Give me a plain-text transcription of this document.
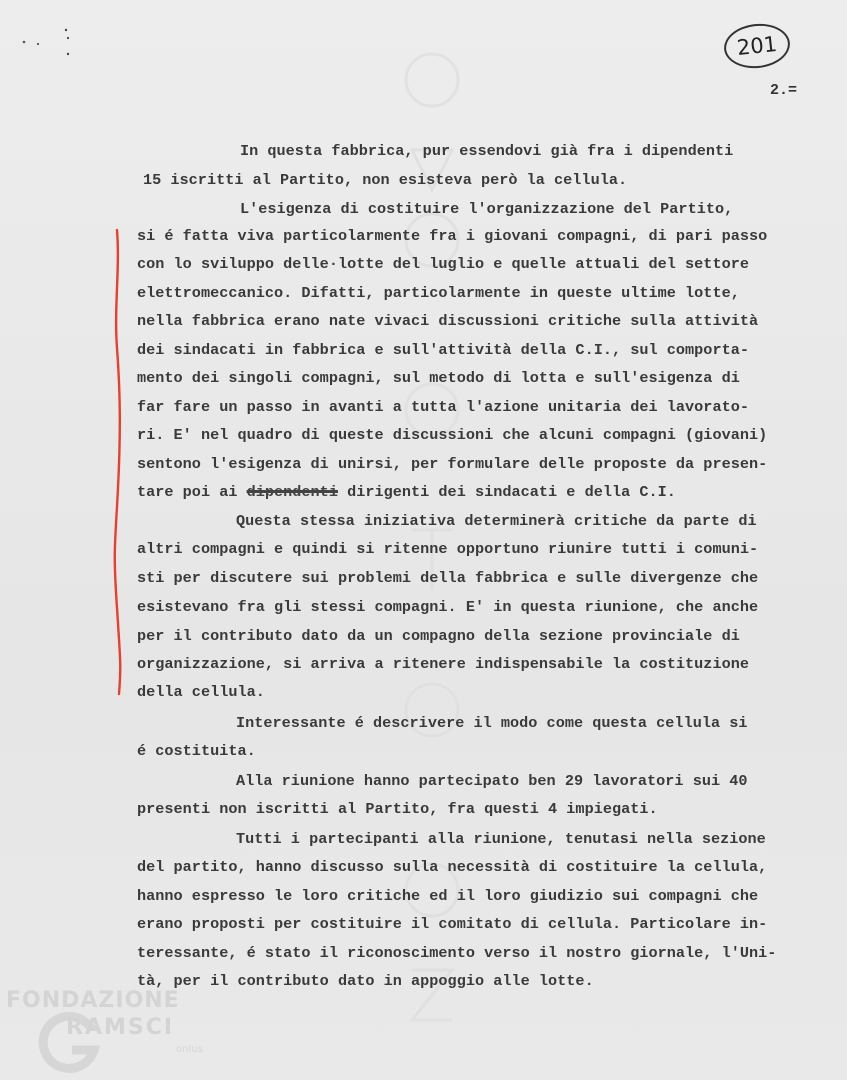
201
2.=
In questa fabbrica, pur essendovi già fra i dipendenti
15 iscritti al Partito, non esisteva però la cellula.
L'esigenza di costituire l'organizzazione del Partito,
si é fatta viva particolarmente fra i giovani compagni, di pari passo
con lo sviluppo delle·lotte del luglio e quelle attuali del settore
elettromeccanico. Difatti, particolarmente in queste ultime lotte,
nella fabbrica erano nate vivaci discussioni critiche sulla attività
dei sindacati in fabbrica e sull'attività della C.I., sul comporta-
mento dei singoli compagni, sul metodo di lotta e sull'esigenza di
far fare un passo in avanti a tutta l'azione unitaria dei lavorato-
ri. E' nel quadro di queste discussioni che alcuni compagni (giovani)
sentono l'esigenza di unirsi, per formulare delle proposte da presen-
tare poi ai dipendenti dirigenti dei sindacati e della C.I.
Questa stessa iniziativa determinerà critiche da parte di
altri compagni e quindi si ritenne opportuno riunire tutti i comuni-
sti per discutere sui problemi della fabbrica e sulle divergenze che
esistevano fra gli stessi compagni. E' in questa riunione, che anche
per il contributo dato da un compagno della sezione provinciale di
organizzazione, si arriva a ritenere indispensabile la costituzione
della cellula.
Interessante é descrivere il modo come questa cellula si
é costituita.
Alla riunione hanno partecipato ben 29 lavoratori sui 40
presenti non iscritti al Partito, fra questi 4 impiegati.
Tutti i partecipanti alla riunione, tenutasi nella sezione
del partito, hanno discusso sulla necessità di costituire la cellula,
hanno espresso le loro critiche ed il loro giudizio sui compagni che
erano proposti per costituire il comitato di cellula. Particolare in-
teressante, é stato il riconoscimento verso il nostro giornale, l'Uni-
tà, per il contributo dato in appoggio alle lotte.
FONDAZIONE
RAMSCI
onlus
